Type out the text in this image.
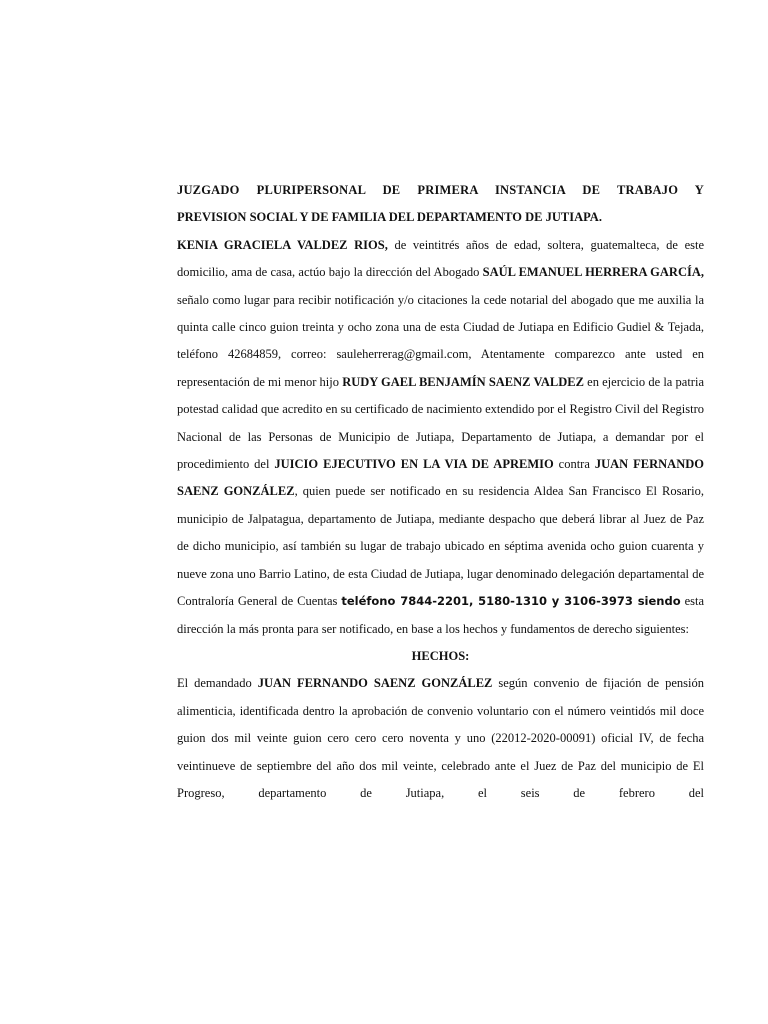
JUZGADO PLURIPERSONAL DE PRIMERA INSTANCIA DE TRABAJO Y

PREVISION SOCIAL Y DE FAMILIA DEL DEPARTAMENTO DE JUTIAPA.

KENIA GRACIELA VALDEZ RIOS, de veintitrés años de edad, soltera, guatemalteca, de este domicilio, ama de casa, actúo bajo la dirección del Abogado SAÚL EMANUEL HERRERA GARCÍA, señalo como lugar para recibir notificación y/o citaciones la cede notarial del abogado que me auxilia la quinta calle cinco guion treinta y ocho zona una de esta Ciudad de Jutiapa en Edificio Gudiel & Tejada, teléfono 42684859, correo: sauleherrerag@gmail.com, Atentamente comparezco ante usted en representación de mi menor hijo RUDY GAEL BENJAMÍN SAENZ VALDEZ en ejercicio de la patria potestad calidad que acredito en su certificado de nacimiento extendido por el Registro Civil del Registro Nacional de las Personas de Municipio de Jutiapa, Departamento de Jutiapa, a demandar por el procedimiento del JUICIO EJECUTIVO EN LA VIA DE APREMIO contra JUAN FERNANDO SAENZ GONZÁLEZ, quien puede ser notificado en su residencia Aldea San Francisco El Rosario, municipio de Jalpatagua, departamento de Jutiapa, mediante despacho que deberá librar al Juez de Paz de dicho municipio, así también su lugar de trabajo ubicado en séptima avenida ocho guion cuarenta y nueve zona uno Barrio Latino, de esta Ciudad de Jutiapa, lugar denominado delegación departamental de Contraloría General de Cuentas teléfono 7844-2201, 5180-1310 y 3106-3973 siendo esta dirección la más pronta para ser notificado, en base a los hechos y fundamentos de derecho siguientes:

HECHOS:

El demandado JUAN FERNANDO SAENZ GONZÁLEZ según convenio de fijación de pensión alimenticia, identificada dentro la aprobación de convenio voluntario con el número veintidós mil doce guion dos mil veinte guion cero cero cero noventa y uno (22012-2020-00091) oficial IV, de fecha veintinueve de septiembre del año dos mil veinte, celebrado ante el Juez de Paz del municipio de El Progreso, departamento de Jutiapa, el seis de febrero del
